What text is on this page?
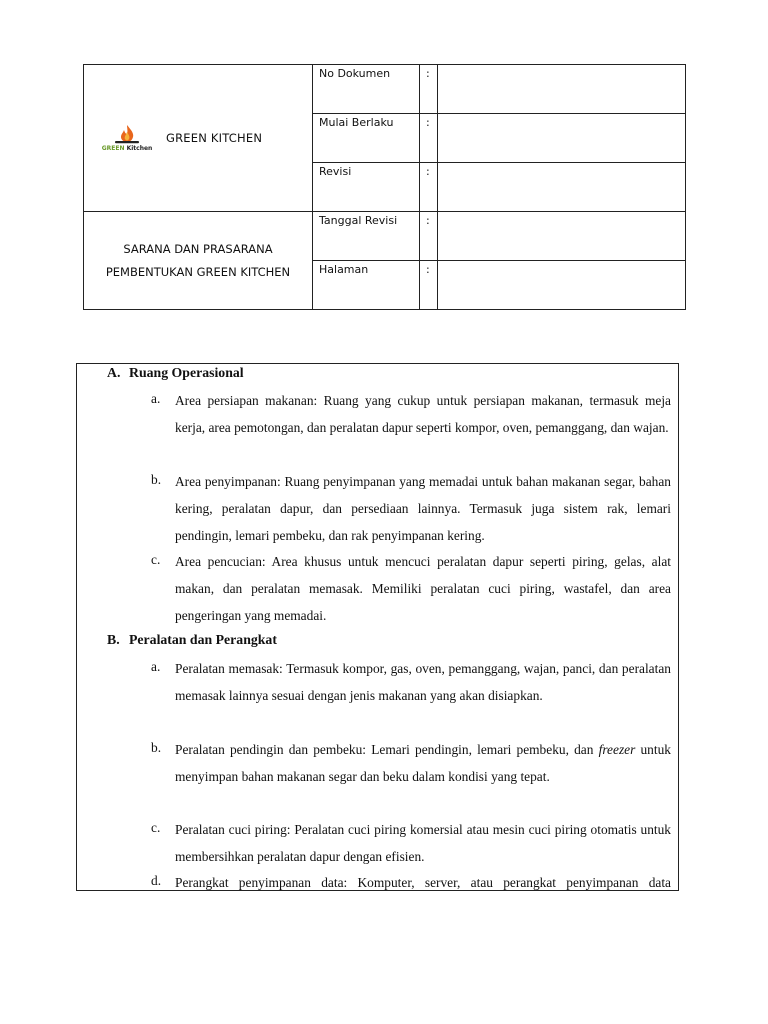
GREEN Kitchen
GREEN KITCHEN	No Dokumen	:	
	Mulai Berlaku	:	
	Revisi	:	

SARANA DAN PRASARANA
PEMBENTUKAN GREEN KITCHEN	Tanggal Revisi	:	
	Halaman	:	
A. Ruang Operasional
a. Area persiapan makanan: Ruang yang cukup untuk persiapan makanan, termasuk meja kerja, area pemotongan, dan peralatan dapur seperti kompor, oven, pemanggang, dan wajan.
b. Area penyimpanan: Ruang penyimpanan yang memadai untuk bahan makanan segar, bahan kering, peralatan dapur, dan persediaan lainnya. Termasuk juga sistem rak, lemari pendingin, lemari pembeku, dan rak penyimpanan kering.
c. Area pencucian: Area khusus untuk mencuci peralatan dapur seperti piring, gelas, alat makan, dan peralatan memasak. Memiliki peralatan cuci piring, wastafel, dan area pengeringan yang memadai.
B. Peralatan dan Perangkat
a. Peralatan memasak: Termasuk kompor, gas, oven, pemanggang, wajan, panci, dan peralatan memasak lainnya sesuai dengan jenis makanan yang akan disiapkan.
b. Peralatan pendingin dan pembeku: Lemari pendingin, lemari pembeku, dan freezer untuk menyimpan bahan makanan segar dan beku dalam kondisi yang tepat.
c. Peralatan cuci piring: Peralatan cuci piring komersial atau mesin cuci piring otomatis untuk membersihkan peralatan dapur dengan efisien.
d. Perangkat penyimpanan data: Komputer, server, atau perangkat penyimpanan data
